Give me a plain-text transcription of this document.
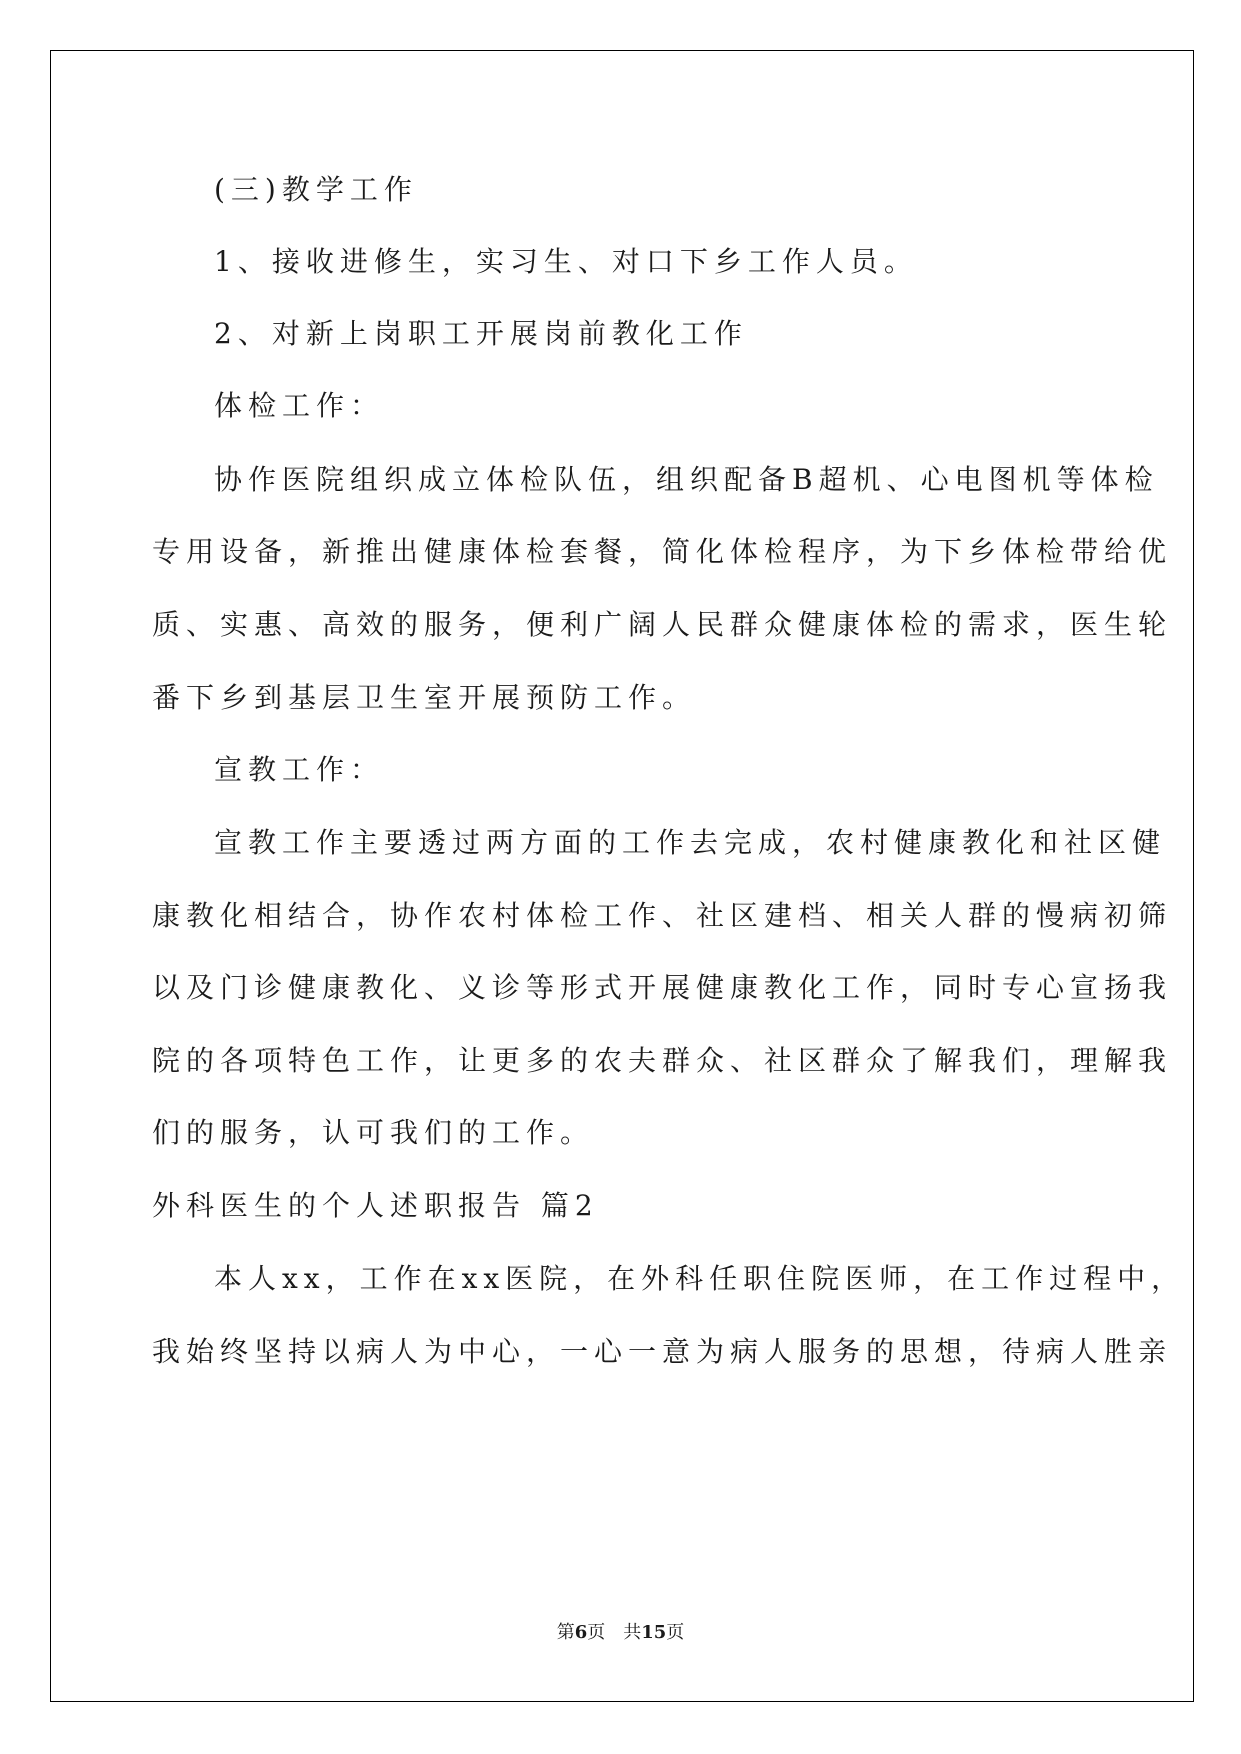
(三)教学工作
1、接收进修生，实习生、对口下乡工作人员。
2、对新上岗职工开展岗前教化工作
体检工作：
协作医院组织成立体检队伍，组织配备B超机、心电图机等体检
专用设备，新推出健康体检套餐，简化体检程序，为下乡体检带给优
质、实惠、高效的服务，便利广阔人民群众健康体检的需求，医生轮
番下乡到基层卫生室开展预防工作。
宣教工作：
宣教工作主要透过两方面的工作去完成，农村健康教化和社区健
康教化相结合，协作农村体检工作、社区建档、相关人群的慢病初筛
以及门诊健康教化、义诊等形式开展健康教化工作，同时专心宣扬我
院的各项特色工作，让更多的农夫群众、社区群众了解我们，理解我
们的服务，认可我们的工作。
外科医生的个人述职报告 篇2
本人xx，工作在xx医院，在外科任职住院医师，在工作过程中，
我始终坚持以病人为中心，一心一意为病人服务的思想，待病人胜亲
第6页 共15页
